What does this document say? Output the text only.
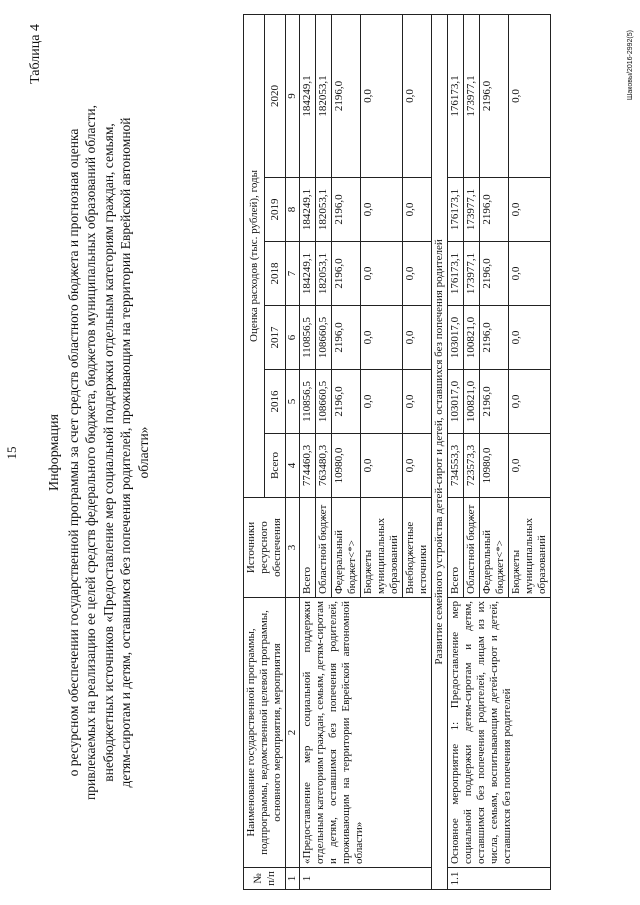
15
Таблица 4
Информация о ресурсном обеспечении государственной программы за счет средств областного бюджета и прогнозная оценка привлекаемых на реализацию ее целей средств федерального бюджета, бюджетов муниципальных образований области, внебюджетных источников «Предоставление мер социальной поддержки отдельным категориям граждан, семьям, детям-сиротам и детям, оставшимся без попечения родителей, проживающим на территории Еврейской автономной области»
№ п/п	Наименование государственной программы, подпрограммы, ведомственной целевой программы, основного мероприятия, мероприятия	Источники ресурсного обеспечения	Оценка расходов (тыс. рублей), годы					
			Всего	2016	2017	2018	2019	2020
1	2	3	4	5	6	7	8	9
1	«Предоставление мер социальной поддержки отдельным категориям граждан, семьям, детям-сиротам и детям, оставшимся без попечения родителей, проживающим на территории Еврейской автономной области»	Всего	774460,3	110856,5	110856,5	184249,1	184249,1	184249,1
		Областной бюджет	763480,3	108660,5	108660,5	182053,1	182053,1	182053,1
		Федеральный бюджет<*>	10980,0	2196,0	2196,0	2196,0	2196,0	2196,0
		Бюджеты муниципальных образований	0,0	0,0	0,0	0,0	0,0	0,0
		Внебюджетные источники	0,0	0,0	0,0	0,0	0,0	0,0
Развитие семейного устройства детей-сирот и детей, оставшихся без попечения родителей								
1.1	Основное мероприятие 1: Предоставление мер социальной поддержки детям-сиротам и детям, оставшимся без попечения родителей, лицам из их числа, семьям, воспитывающим детей-сирот и детей, оставшихся без попечения родителей	Всего	734553,3	103017,0	103017,0	176173,1	176173,1	176173,1
		Областной бюджет	723573,3	100821,0	100821,0	173977,1	173977,1	173977,1
		Федеральный бюджет<*>	10980,0	2196,0	2196,0	2196,0	2196,0	2196,0
		Бюджеты муниципальных образований	0,0	0,0	0,0	0,0	0,0	0,0	Шаковы/2016-2992(5)
